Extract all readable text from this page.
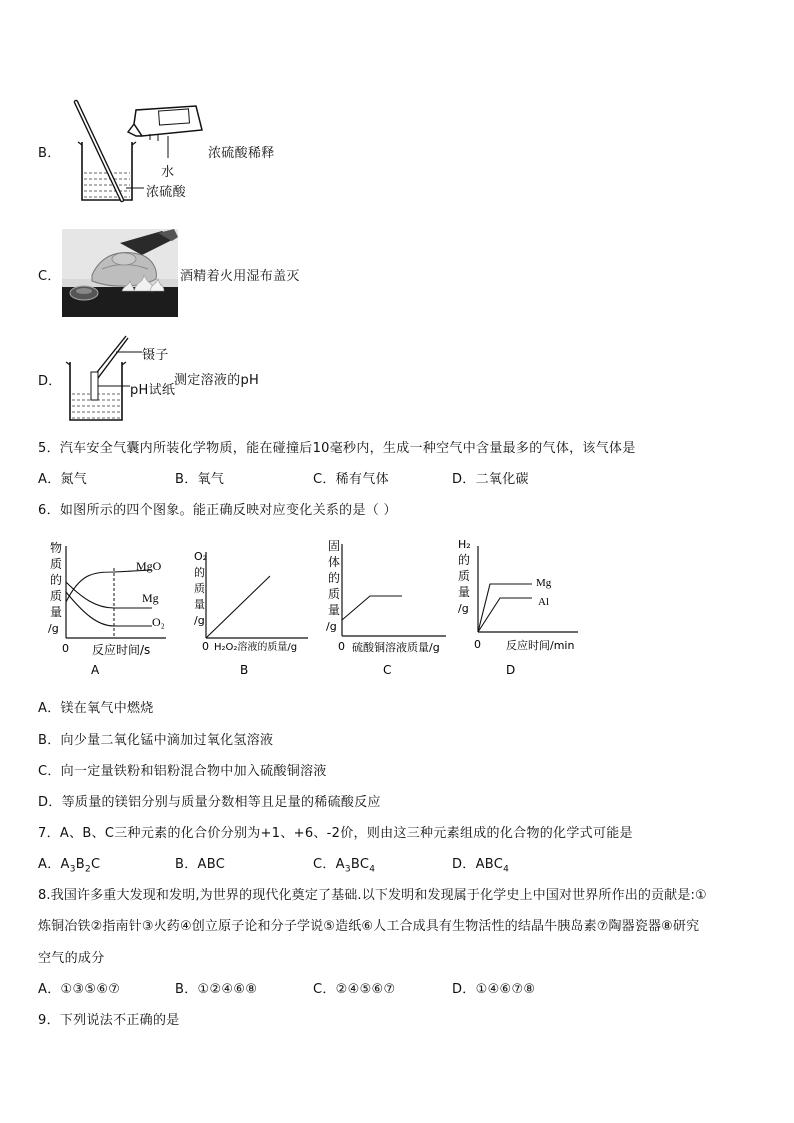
B．
水
浓硫酸
浓硫酸稀释
C．	酒精着火用湿布盖灭
D．
镊子
pH试纸
测定溶液的pH
5．汽车安全气囊内所装化学物质，能在碰撞后10毫秒内，生成一种空气中含量最多的气体，该气体是
A．氮气	B．氧气	C．稀有气体	D．二氧化碳
6．如图所示的四个图象。能正确反映对应变化关系的是（ ）
物
质
的
质
量
/g
0 反应时间/s
MgO
Mg
O₂
A
O₂
的
质
量
/g
0 H₂O₂溶液的质量/g
B
固
体
的
质
量
/g
0 硫酸铜溶液质量/g
C
H₂
的
质
量
/g
0 反应时间/min
Mg
Al
D
A．镁在氧气中燃烧
B．向少量二氧化锰中滴加过氧化氢溶液
C．向一定量铁粉和铝粉混合物中加入硫酸铜溶液
D．等质量的镁铝分别与质量分数相等且足量的稀硫酸反应
7．A、B、C三种元素的化合价分别为+1、+6、-2价，则由这三种元素组成的化合物的化学式可能是
A．$A_3B_2C$	B．ABC	C．$A_3BC_4$	D．$ABC_4$
8.我国许多重大发现和发明,为世界的现代化奠定了基础.以下发明和发现属于化学史上中国对世界所作出的贡献是:①
炼铜冶铁②指南针③火药④创立原子论和分子学说⑤造纸⑥人工合成具有生物活性的结晶牛胰岛素⑦陶器瓷器⑧研究
空气的成分
A．①③⑤⑥⑦	B．①②④⑥⑧	C．②④⑤⑥⑦	D．①④⑥⑦⑧
9．下列说法不正确的是
